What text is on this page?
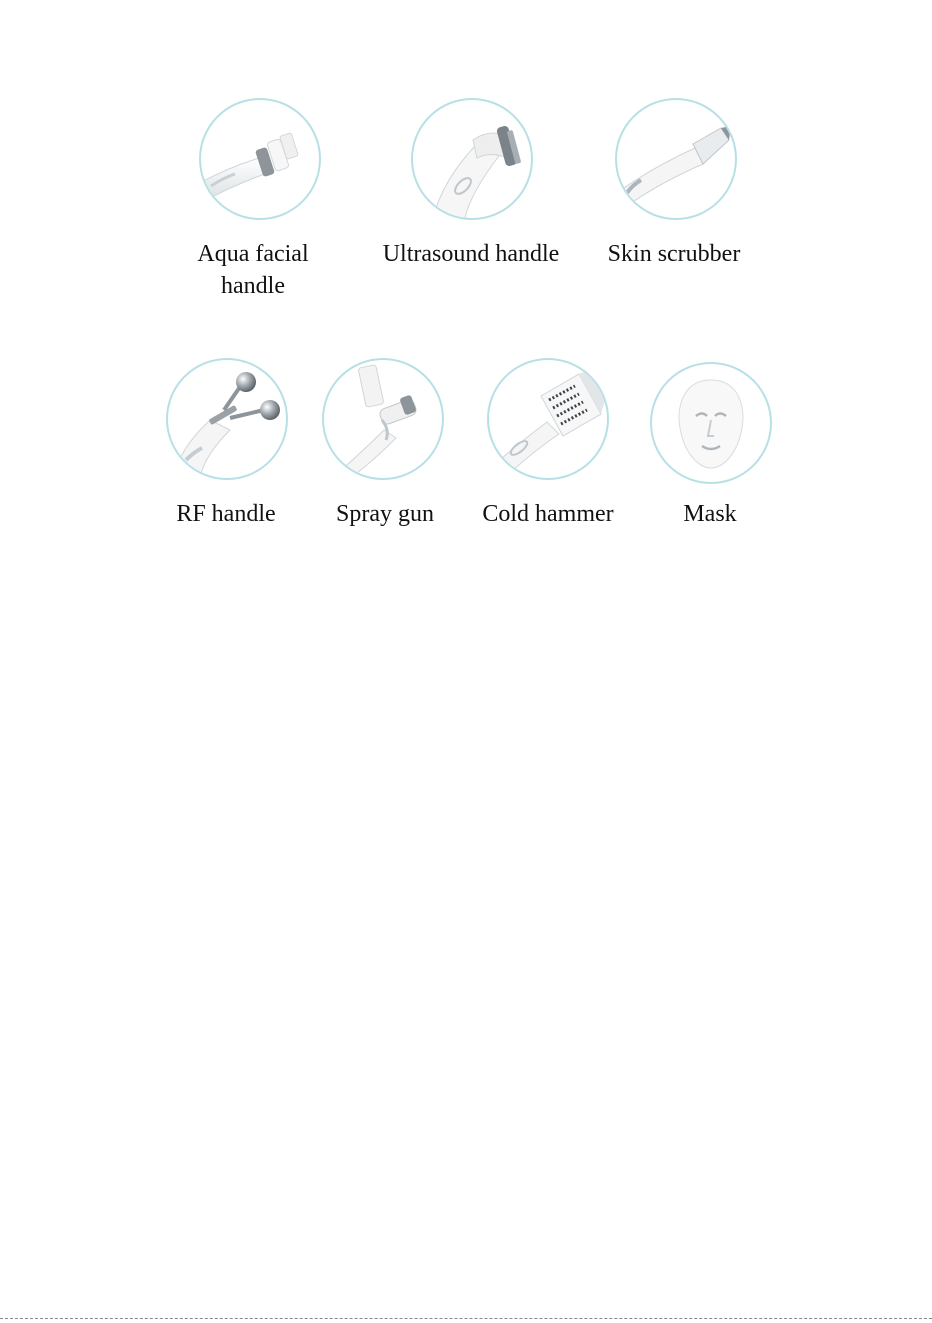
Aqua facial
handle
Ultrasound handle	Skin scrubber
RF handle	Spray gun	Cold hammer	Mask
